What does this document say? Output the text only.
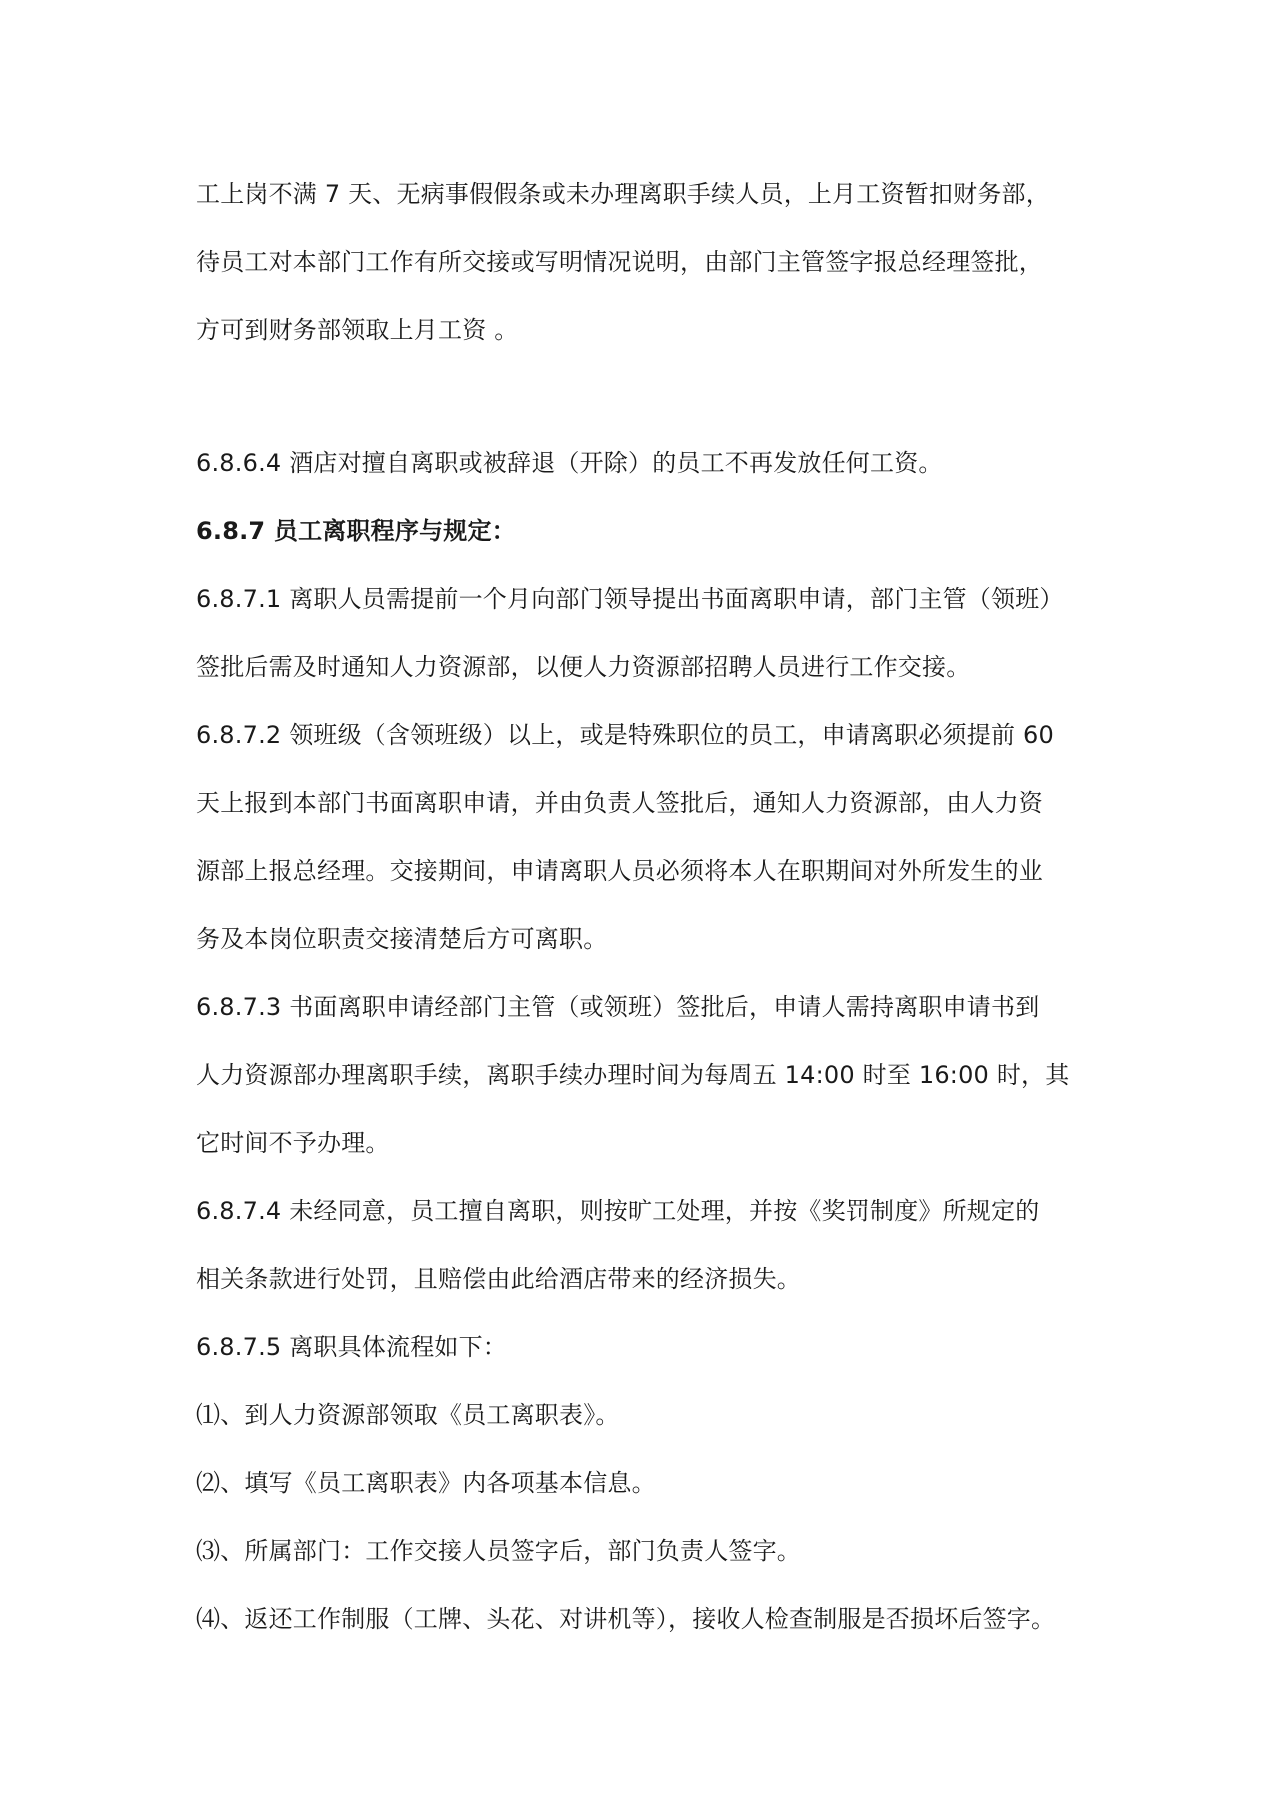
工上岗不满 7 天、无病事假假条或未办理离职手续人员，上月工资暂扣财务部，
待员工对本部门工作有所交接或写明情况说明，由部门主管签字报总经理签批，
方可到财务部领取上月工资 。
6.8.6.4 酒店对擅自离职或被辞退（开除）的员工不再发放任何工资。
6.8.7 员工离职程序与规定：
6.8.7.1 离职人员需提前一个月向部门领导提出书面离职申请，部门主管（领班）
签批后需及时通知人力资源部，以便人力资源部招聘人员进行工作交接。
6.8.7.2 领班级（含领班级）以上，或是特殊职位的员工，申请离职必须提前 60
天上报到本部门书面离职申请，并由负责人签批后，通知人力资源部，由人力资
源部上报总经理。交接期间，申请离职人员必须将本人在职期间对外所发生的业
务及本岗位职责交接清楚后方可离职。
6.8.7.3 书面离职申请经部门主管（或领班）签批后，申请人需持离职申请书到
人力资源部办理离职手续，离职手续办理时间为每周五 14:00 时至 16:00 时，其
它时间不予办理。
6.8.7.4 未经同意，员工擅自离职，则按旷工处理，并按《奖罚制度》所规定的
相关条款进行处罚，且赔偿由此给酒店带来的经济损失。
6.8.7.5 离职具体流程如下：
⑴、到人力资源部领取《员工离职表》。
⑵、填写《员工离职表》内各项基本信息。
⑶、所属部门：工作交接人员签字后，部门负责人签字。
⑷、返还工作制服（工牌、头花、对讲机等），接收人检查制服是否损坏后签字。
